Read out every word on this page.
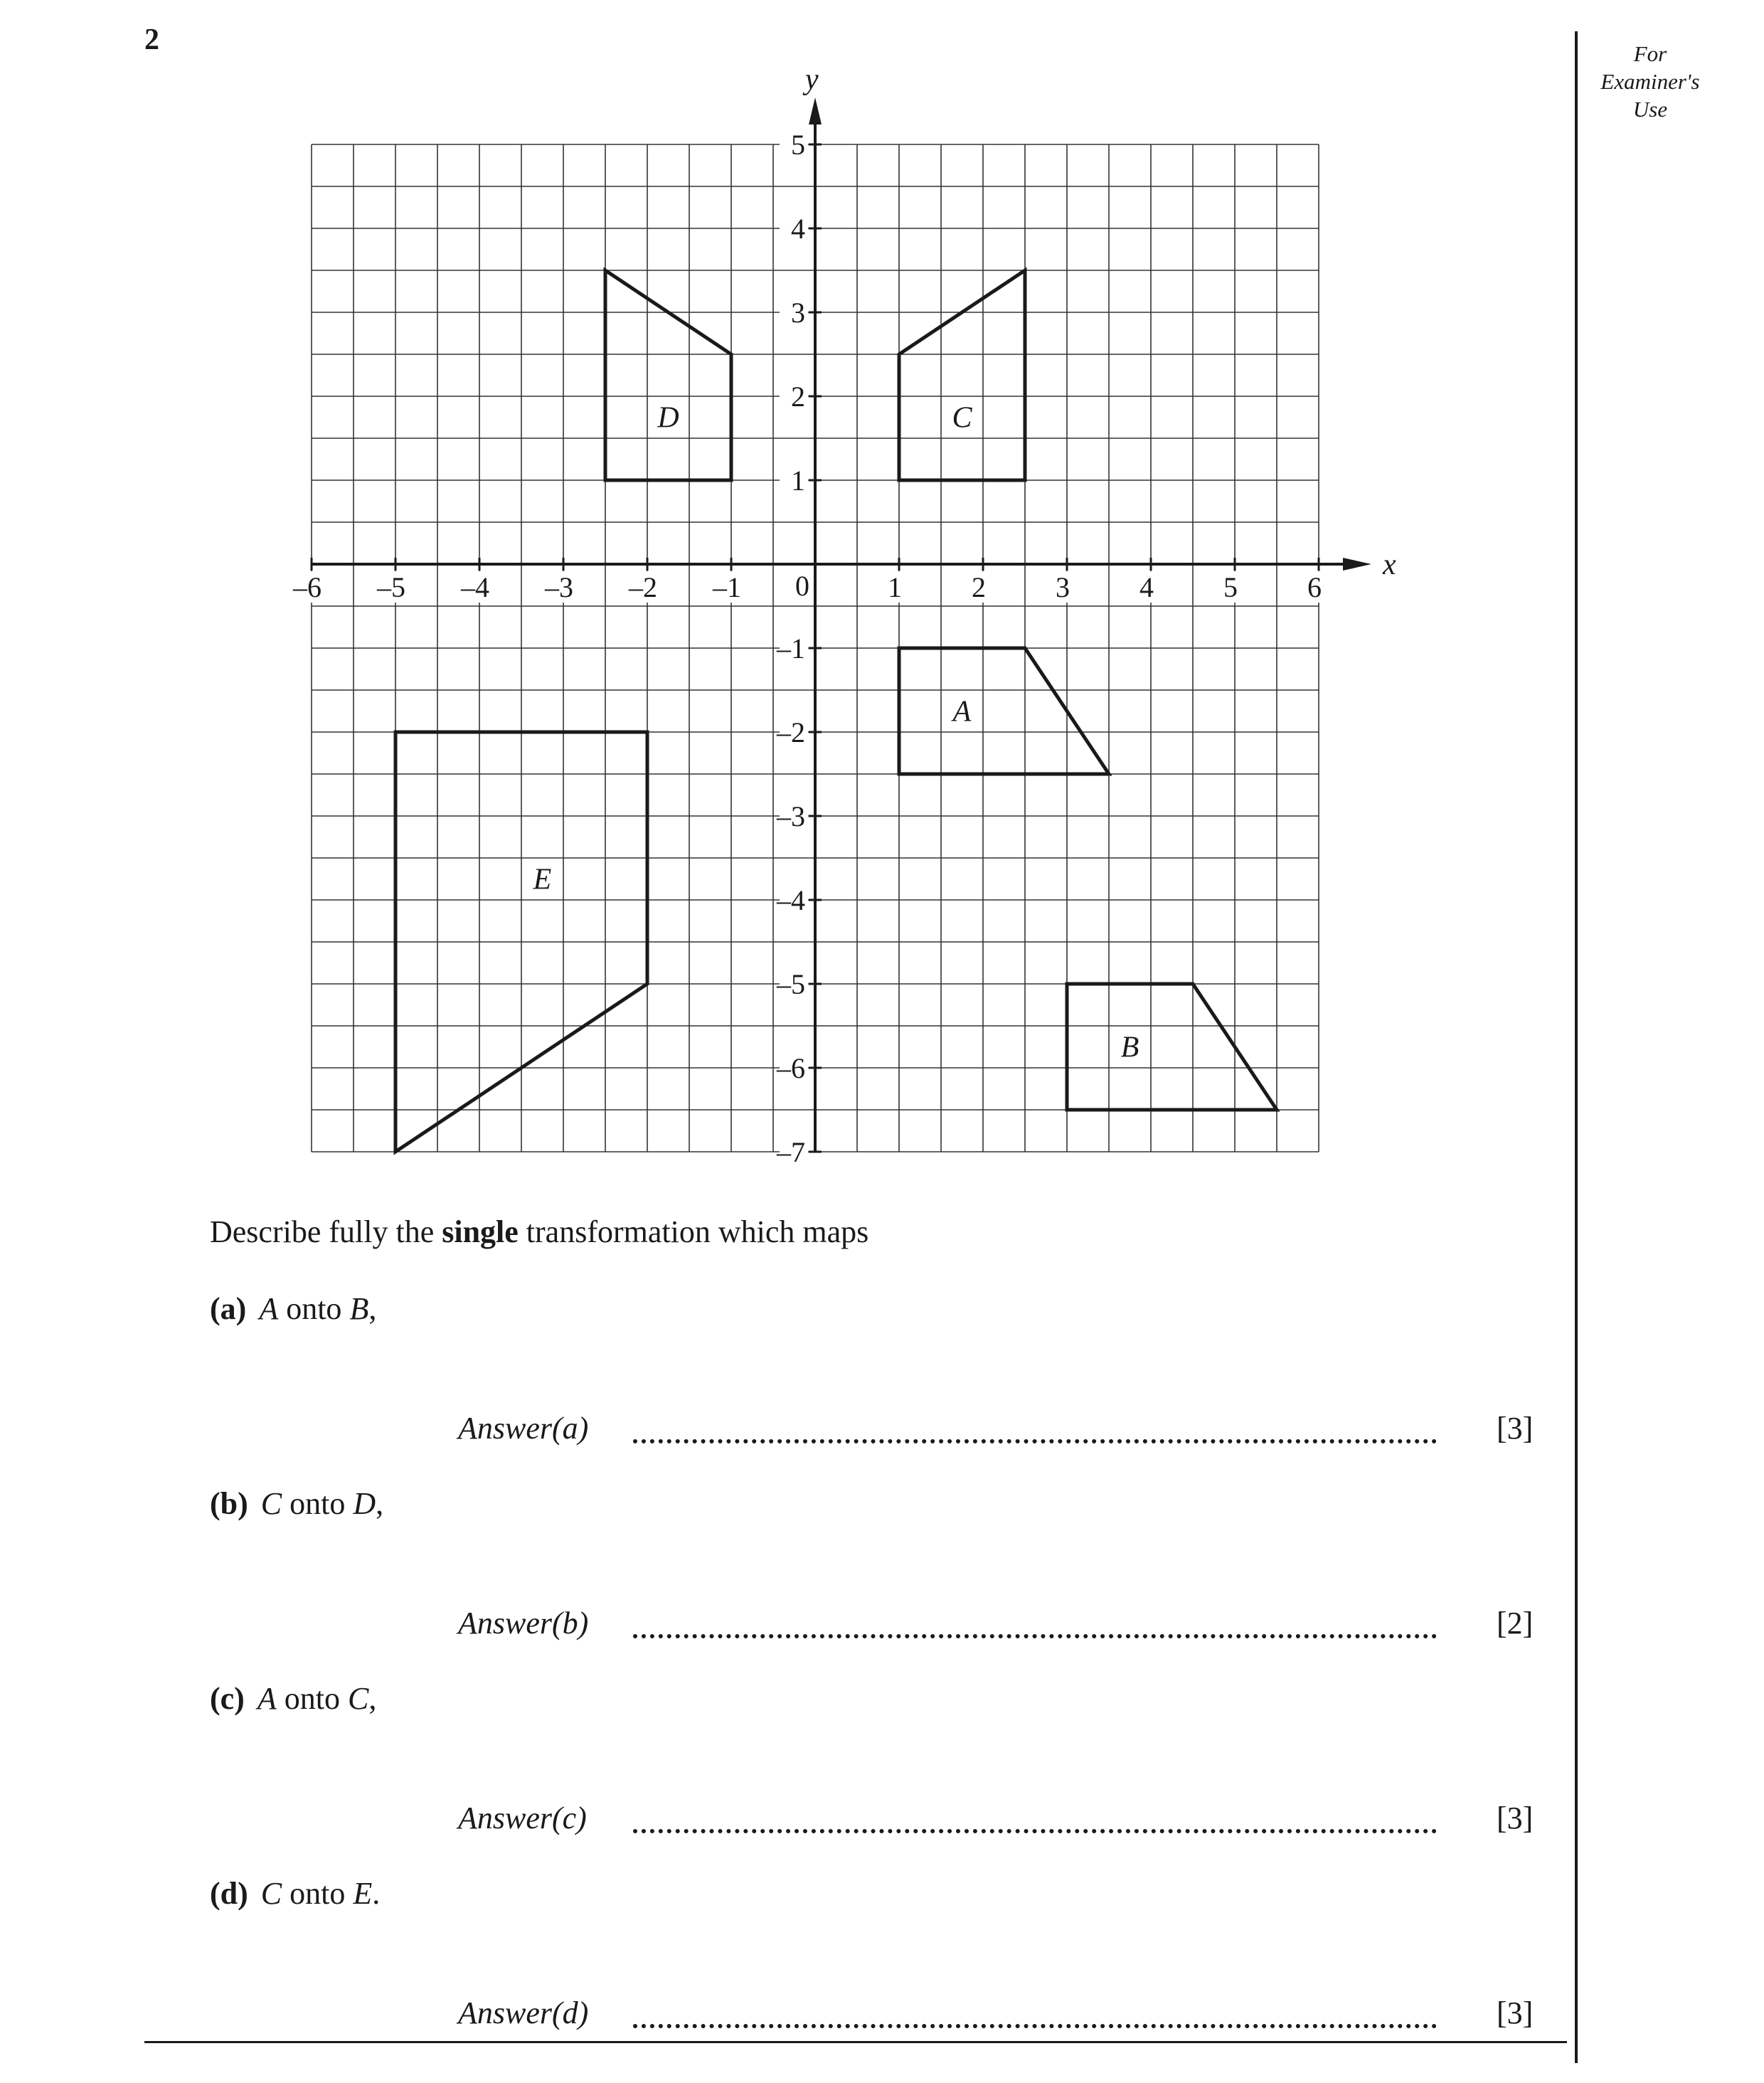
2	For
Examiner's
Use
–6 –5 –4 –3 –2 –1	1 2 3 4 5 6
5
4
3
2
1
–1
–2
–3
–4
–5
–6
–7
0
x
y
A
B
C
D
E
Describe fully the single transformation which maps
(a) A onto B,
Answer(a)	[3]
(b) C onto D,
Answer(b)	[2]
(c) A onto C,
Answer(c)	[3]
(d) C onto E.
Answer(d)	[3]
